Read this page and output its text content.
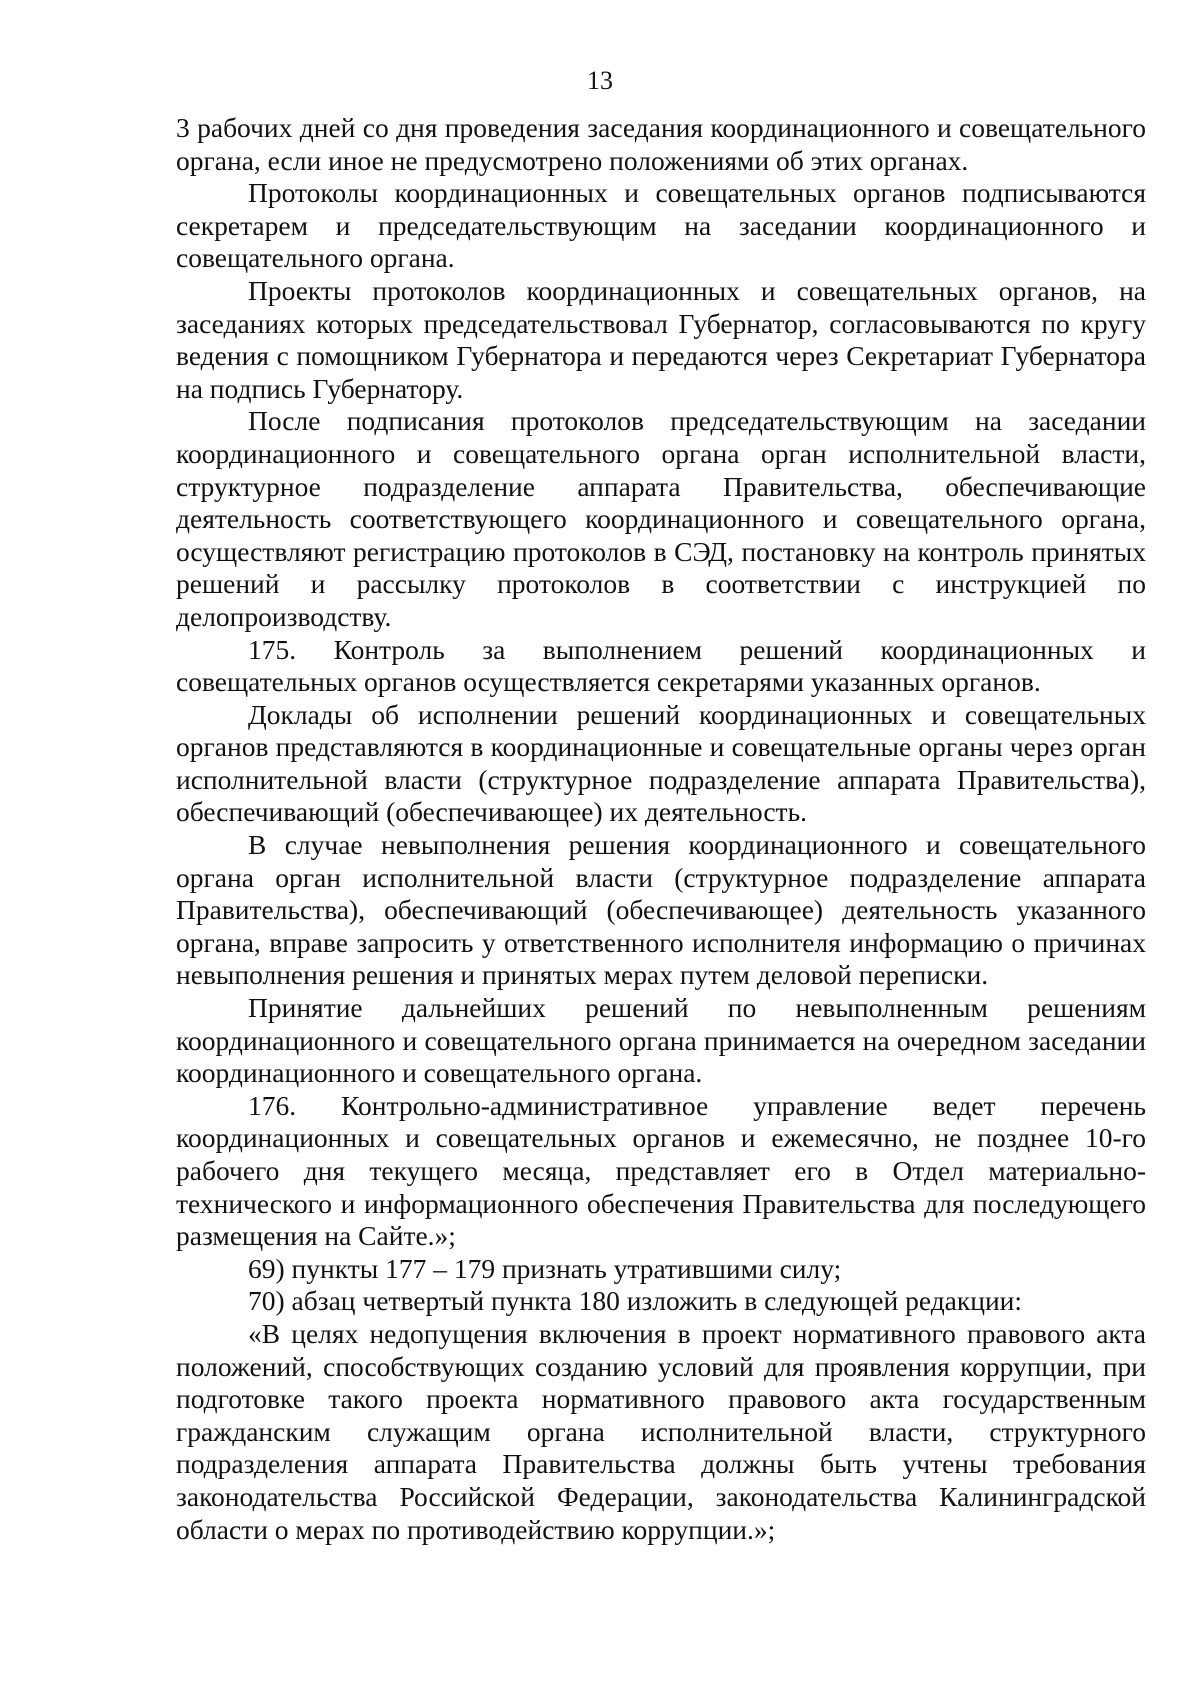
13

3 рабочих дней со дня проведения заседания координационного и совещательного органа, если иное не предусмотрено положениями об этих органах.

Протоколы координационных и совещательных органов подписываются секретарем и председательствующим на заседании координационного и совещательного органа.

Проекты протоколов координационных и совещательных органов, на заседаниях которых председательствовал Губернатор, согласовываются по кругу ведения с помощником Губернатора и передаются через Секретариат Губернатора на подпись Губернатору.

После подписания протоколов председательствующим на заседании координационного и совещательного органа орган исполнительной власти, структурное подразделение аппарата Правительства, обеспечивающие деятельность соответствующего координационного и совещательного органа, осуществляют регистрацию протоколов в СЭД, постановку на контроль принятых решений и рассылку протоколов в соответствии с инструкцией по делопроизводству.

175. Контроль за выполнением решений координационных и совещательных органов осуществляется секретарями указанных органов.

Доклады об исполнении решений координационных и совещательных органов представляются в координационные и совещательные органы через орган исполнительной власти (структурное подразделение аппарата Правительства), обеспечивающий (обеспечивающее) их деятельность.

В случае невыполнения решения координационного и совещательного органа орган исполнительной власти (структурное подразделение аппарата Правительства), обеспечивающий (обеспечивающее) деятельность указанного органа, вправе запросить у ответственного исполнителя информацию о причинах невыполнения решения и принятых мерах путем деловой переписки.

Принятие дальнейших решений по невыполненным решениям координационного и совещательного органа принимается на очередном заседании координационного и совещательного органа.

176. Контрольно-административное управление ведет перечень координационных и совещательных органов и ежемесячно, не позднее 10-го рабочего дня текущего месяца, представляет его в Отдел материально-технического и информационного обеспечения Правительства для последующего размещения на Сайте.»;

69) пункты 177 – 179 признать утратившими силу;

70) абзац четвертый пункта 180 изложить в следующей редакции:

«В целях недопущения включения в проект нормативного правового акта положений, способствующих созданию условий для проявления коррупции, при подготовке такого проекта нормативного правового акта государственным гражданским служащим органа исполнительной власти, структурного подразделения аппарата Правительства должны быть учтены требования законодательства Российской Федерации, законодательства Калининградской области о мерах по противодействию коррупции.»;
